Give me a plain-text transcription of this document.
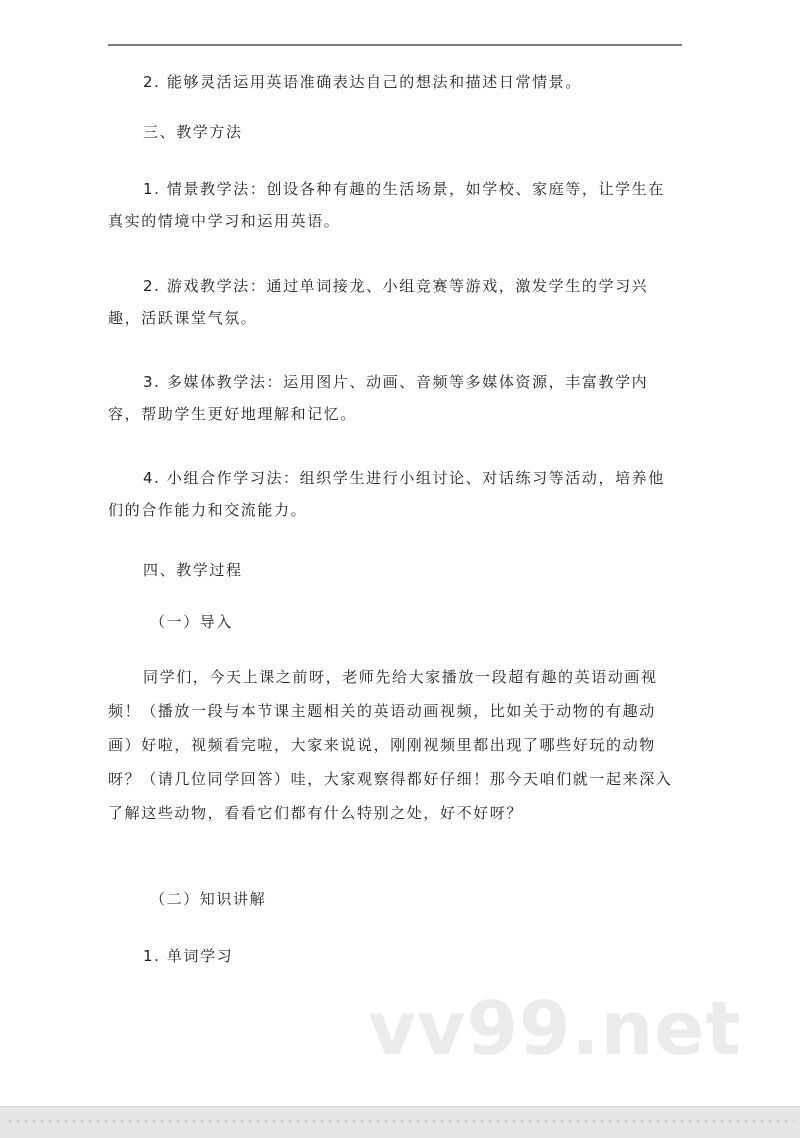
2. 能够灵活运用英语准确表达自己的想法和描述日常情景。
三、教学方法
1. 情景教学法：创设各种有趣的生活场景，如学校、家庭等，让学生在真实的情境中学习和运用英语。
2. 游戏教学法：通过单词接龙、小组竞赛等游戏，激发学生的学习兴趣，活跃课堂气氛。
3. 多媒体教学法：运用图片、动画、音频等多媒体资源，丰富教学内容，帮助学生更好地理解和记忆。
4. 小组合作学习法：组织学生进行小组讨论、对话练习等活动，培养他们的合作能力和交流能力。
四、教学过程
（一）导入
同学们，今天上课之前呀，老师先给大家播放一段超有趣的英语动画视频！（播放一段与本节课主题相关的英语动画视频，比如关于动物的有趣动画）好啦，视频看完啦，大家来说说，刚刚视频里都出现了哪些好玩的动物呀？（请几位同学回答）哇，大家观察得都好仔细！那今天咱们就一起来深入了解这些动物，看看它们都有什么特别之处，好不好呀？
（二）知识讲解
1. 单词学习
vv99.net
